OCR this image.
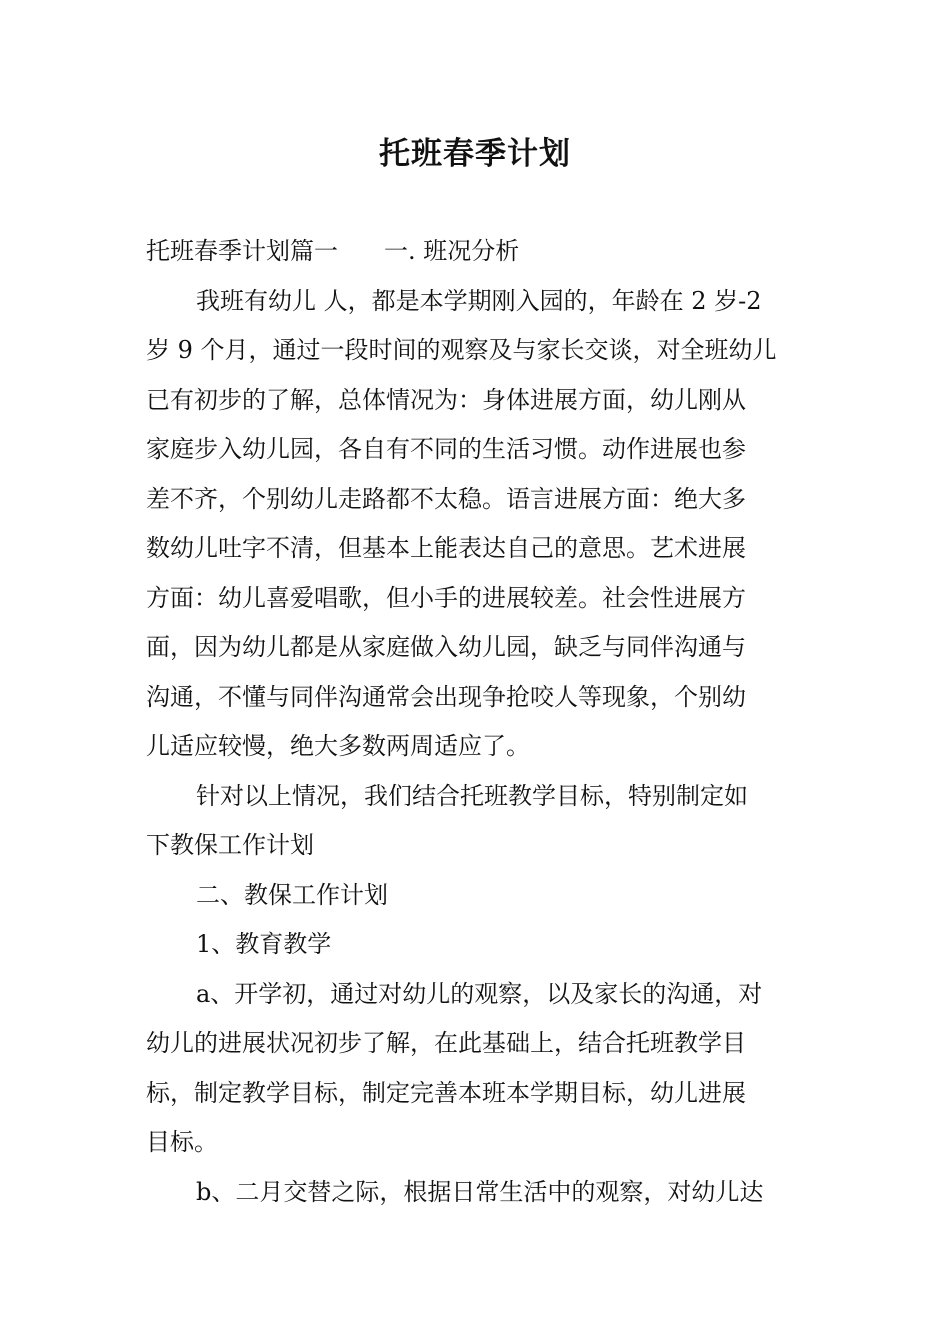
托班春季计划
托班春季计划篇一 一. 班况分析
我班有幼儿 人，都是本学期刚入园的，年龄在 2 岁-2
岁 9 个月，通过一段时间的观察及与家长交谈，对全班幼儿
已有初步的了解，总体情况为：身体进展方面，幼儿刚从
家庭步入幼儿园，各自有不同的生活习惯。动作进展也参
差不齐，个别幼儿走路都不太稳。语言进展方面：绝大多
数幼儿吐字不清，但基本上能表达自己的意思。艺术进展
方面：幼儿喜爱唱歌，但小手的进展较差。社会性进展方
面，因为幼儿都是从家庭做入幼儿园，缺乏与同伴沟通与
沟通，不懂与同伴沟通常会出现争抢咬人等现象，个别幼
儿适应较慢，绝大多数两周适应了。
针对以上情况，我们结合托班教学目标，特别制定如
下教保工作计划
二、教保工作计划
1、教育教学
a、开学初，通过对幼儿的观察，以及家长的沟通，对
幼儿的进展状况初步了解，在此基础上，结合托班教学目
标，制定教学目标，制定完善本班本学期目标，幼儿进展
目标。
b、二月交替之际，根据日常生活中的观察，对幼儿达
